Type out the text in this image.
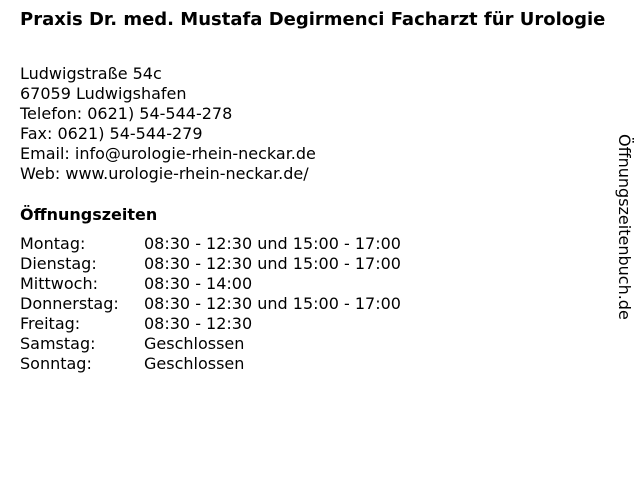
Praxis Dr. med. Mustafa Degirmenci Facharzt für Urologie
Ludwigstraße 54c
67059 Ludwigshafen
Telefon: 0621) 54-544-278
Fax: 0621) 54-544-279
Email: info@urologie-rhein-neckar.de
Web: www.urologie-rhein-neckar.de/
Öffnungszeiten
Montag:	08:30 - 12:30 und 15:00 - 17:00
Dienstag:	08:30 - 12:30 und 15:00 - 17:00
Mittwoch:	08:30 - 14:00
Donnerstag:	08:30 - 12:30 und 15:00 - 17:00
Freitag:	08:30 - 12:30
Samstag:	Geschlossen
Sonntag:	Geschlossen
Öffnungszeitenbuch.de
